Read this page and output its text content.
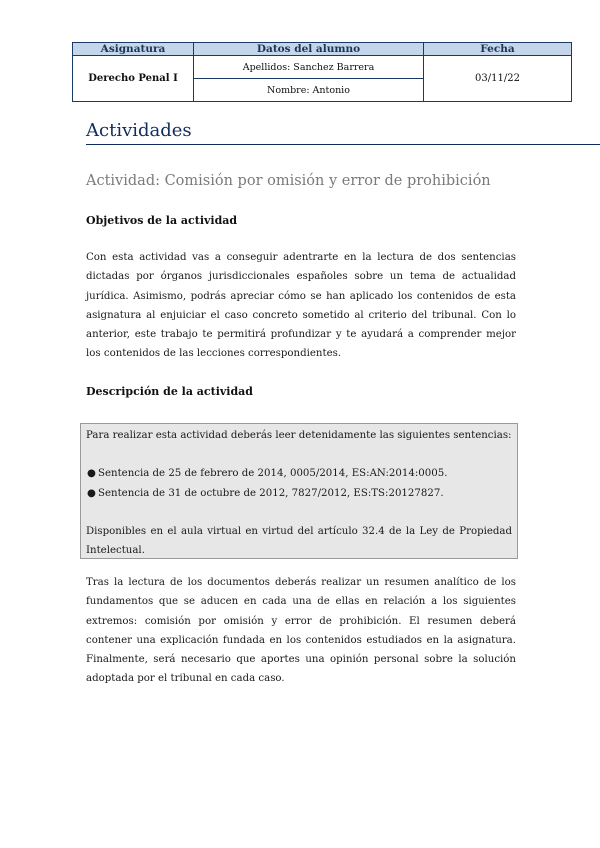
Asignatura	Datos del alumno	Fecha
Derecho Penal I	Apellidos: Sanchez Barrera	03/11/22
	Nombre: Antonio	
Actividades
Actividad: Comisión por omisión y error de prohibición
Objetivos de la actividad
Con esta actividad vas a conseguir adentrarte en la lectura de dos sentencias dictadas por órganos jurisdiccionales españoles sobre un tema de actualidad jurídica. Asimismo, podrás apreciar cómo se han aplicado los contenidos de esta asignatura al enjuiciar el caso concreto sometido al criterio del tribunal. Con lo anterior, este trabajo te permitirá profundizar y te ayudará a comprender mejor los contenidos de las lecciones correspondientes.
Descripción de la actividad
Para realizar esta actividad deberás leer detenidamente las siguientes sentencias:
● Sentencia de 25 de febrero de 2014, 0005/2014, ES:AN:2014:0005.
● Sentencia de 31 de octubre de 2012, 7827/2012, ES:TS:20127827.
Disponibles en el aula virtual en virtud del artículo 32.4 de la Ley de Propiedad Intelectual.
Tras la lectura de los documentos deberás realizar un resumen analítico de los fundamentos que se aducen en cada una de ellas en relación a los siguientes extremos: comisión por omisión y error de prohibición. El resumen deberá contener una explicación fundada en los contenidos estudiados en la asignatura. Finalmente, será necesario que aportes una opinión personal sobre la solución adoptada por el tribunal en cada caso.
